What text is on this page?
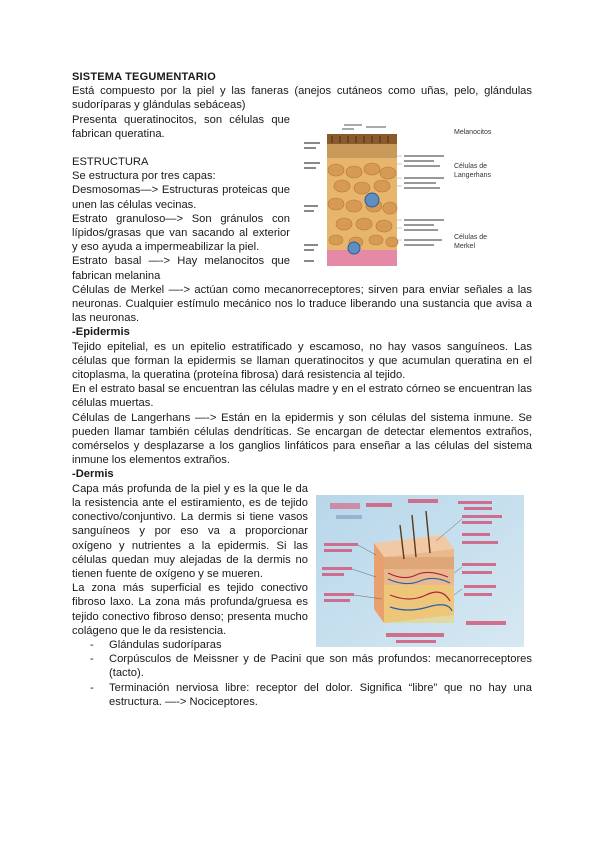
SISTEMA TEGUMENTARIO

Está compuesto por la piel y las faneras (anejos cutáneos como uñas, pelo, glándulas sudoríparas y glándulas sebáceas)

Presenta queratinocitos, son células que fabrican queratina.

ESTRUCTURA

Se estructura por tres capas:

Desmosomas—> Estructuras proteicas que unen las células vecinas.

Estrato granuloso—> Son gránulos con lípidos/grasas que van sacando al exterior y eso ayuda a impermeabilizar la piel.

Estrato basal —-> Hay melanocitos que fabrican melanina

Células de Merkel —-> actúan como mecanorreceptores; sirven para enviar señales a las neuronas. Cualquier estímulo mecánico nos lo traduce liberando una sustancia que avisa a las neuronas.

-Epidermis

Tejido epitelial, es un epitelio estratificado y escamoso, no hay vasos sanguíneos. Las células que forman la epidermis se llaman queratinocitos y que acumulan queratina en el citoplasma, la queratina (proteína fibrosa) dará resistencia al tejido.

En el estrato basal se encuentran las células madre y en el estrato córneo se encuentran las células muertas.

Células de Langerhans —-> Están en la epidermis y son células del sistema inmune. Se pueden llamar también células dendríticas. Se encargan de detectar elementos extraños, comérselos y desplazarse a los ganglios linfáticos para enseñar a las células del sistema inmune los elementos extraños.

-Dermis

Capa más profunda de la piel y es la que le da la resistencia ante el estiramiento, es de tejido conectivo/conjuntivo. La dermis si tiene vasos sanguíneos y por eso va a proporcionar oxígeno y nutrientes a la epidermis. Si las células quedan muy alejadas de la dermis no tienen fuente de oxígeno y se mueren.

La zona más superficial es tejido conectivo fibroso laxo. La zona más profunda/gruesa es tejido conectivo fibroso denso; presenta mucho colágeno que le da resistencia.

- Glándulas sudoríparas
- Corpúsculos de Meissner y de Pacini que son más profundos: mecanorreceptores (tacto).
- Terminación nerviosa libre: receptor del dolor. Significa “libre” que no hay una estructura. —-> Nociceptores.
Melanocitos
Células de Langerhans
Células de Merkel
